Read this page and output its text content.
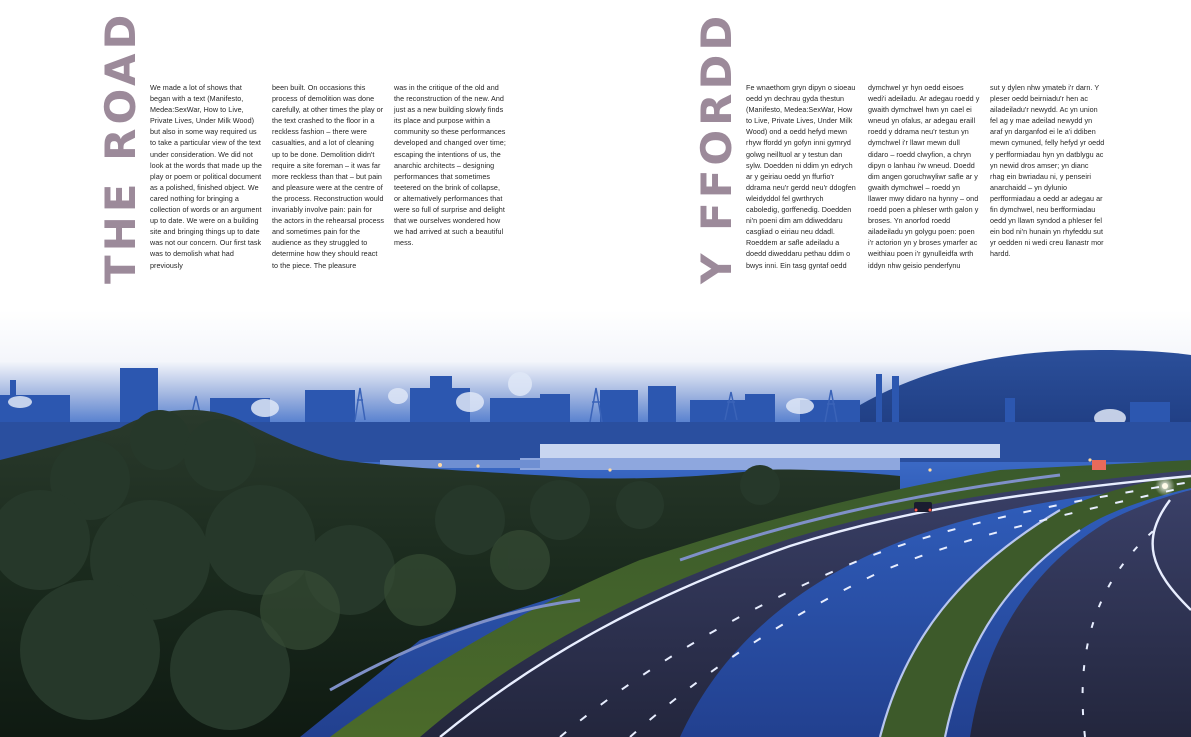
THE ROAD We made a lot of shows that began with a text (Manifesto, Medea:SexWar, How to Live, Private Lives, Under Milk Wood) but also in some way required us to take a particular view of the text under consideration. We did not look at the words that made up the play or poem or political document as a polished, finished object. We cared nothing for bringing a collection of words or an argument up to date. We were on a building site and bringing things up to date was not our concern. Our first task was to demolish what had previously
been built. On occasions this process of demolition was done carefully, at other times the play or the text crashed to the floor in a reckless fashion – there were casualties, and a lot of cleaning up to be done. Demolition didn't require a site foreman – it was far more reckless than that – but pain and pleasure were at the centre of the process. Reconstruction would invariably involve pain: pain for the actors in the rehearsal process and sometimes pain for the audience as they struggled to determine how they should react to the piece. The pleasure
was in the critique of the old and the reconstruction of the new. And just as a new building slowly finds its place and purpose within a community so these performances developed and changed over time; escaping the intentions of us, the anarchic architects – designing performances that sometimes teetered on the brink of collapse, or alternatively performances that were so full of surprise and delight that we ourselves wondered how we had arrived at such a beautiful mess.	Y FFORDD Fe wnaethom gryn dipyn o sioeau oedd yn dechrau gyda thestun (Manifesto, Medea:SexWar, How to Live, Private Lives, Under Milk Wood) ond a oedd hefyd mewn rhyw ffordd yn gofyn inni gymryd golwg neilltuol ar y testun dan sylw. Doedden ni ddim yn edrych ar y geiriau oedd yn ffurfio'r ddrama neu'r gerdd neu'r ddogfen wleidyddol fel gwrthrych caboledig, gorffenedig. Doedden ni'n poeni dim am ddiweddaru casgliad o eiriau neu ddadl. Roeddem ar safle adeiladu a doedd diweddaru pethau ddim o bwys inni. Ein tasg gyntaf oedd
dymchwel yr hyn oedd eisoes wedi'i adeiladu. Ar adegau roedd y gwaith dymchwel hwn yn cael ei wneud yn ofalus, ar adegau eraill roedd y ddrama neu'r testun yn dymchwel i'r llawr mewn dull didaro – roedd clwyfion, a chryn dipyn o lanhau i'w wneud. Doedd dim angen goruchwyliwr safle ar y gwaith dymchwel – roedd yn llawer mwy didaro na hynny – ond roedd poen a phleser wrth galon y broses. Yn anorfod roedd ailadeiladu yn golygu poen: poen i'r actorion yn y broses ymarfer ac weithiau poen i'r gynulleidfa wrth iddyn nhw geisio penderfynu
sut y dylen nhw ymateb i'r darn. Y pleser oedd beirniadu'r hen ac ailadeiladu'r newydd. Ac yn union fel ag y mae adeilad newydd yn araf yn darganfod ei le a'i ddiben mewn cymuned, felly hefyd yr oedd y perfformiadau hyn yn datblygu ac yn newid dros amser; yn dianc rhag ein bwriadau ni, y penseiri anarchaidd – yn dylunio perfformiadau a oedd ar adegau ar fin dymchwel, neu berfformiadau oedd yn llawn syndod a phleser fel ein bod ni'n hunain yn rhyfeddu sut yr oedden ni wedi creu llanastr mor hardd.
